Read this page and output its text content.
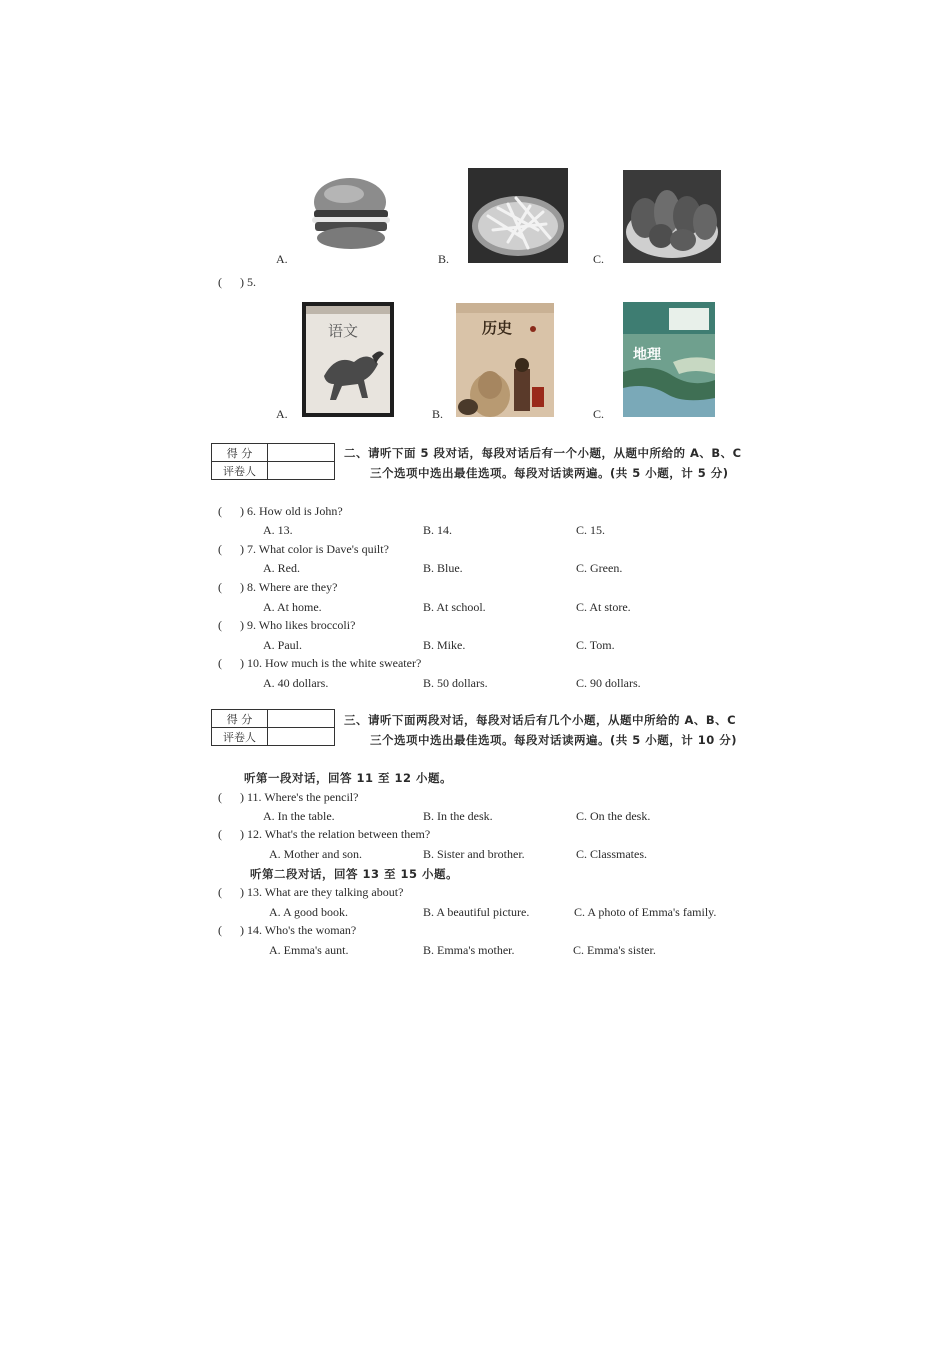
A.	B.	C.
( ) 5.
语文
A.
历史
B.
地理
C.
得 分	
评卷人	
二、请听下面 5 段对话，每段对话后有一个小题，从题中所给的 A、B、C
三个选项中选出最佳选项。每段对话读两遍。(共 5 小题，计 5 分)
( ) 6. How old is John?
A. 13.	B. 14.	C. 15.
( ) 7. What color is Dave's quilt?
A. Red.	B. Blue.	C. Green.
( ) 8. Where are they?
A. At home.	B. At school.	C. At store.
( ) 9. Who likes broccoli?
A. Paul.	B. Mike.	C. Tom.
( ) 10. How much is the white sweater?
A. 40 dollars.	B. 50 dollars.	C. 90 dollars.
得 分	
评卷人	
三、请听下面两段对话，每段对话后有几个小题，从题中所给的 A、B、C
三个选项中选出最佳选项。每段对话读两遍。(共 5 小题，计 10 分)
听第一段对话，回答 11 至 12 小题。
( ) 11. Where's the pencil?
A. In the table.	B. In the desk.	C. On the desk.
( ) 12. What's the relation between them?
A. Mother and son.	B. Sister and brother.	C. Classmates.
听第二段对话，回答 13 至 15 小题。
( ) 13. What are they talking about?
A. A good book.	B. A beautiful picture.	C. A photo of Emma's family.
( ) 14. Who's the woman?
A. Emma's aunt.	B. Emma's mother.	C. Emma's sister.
